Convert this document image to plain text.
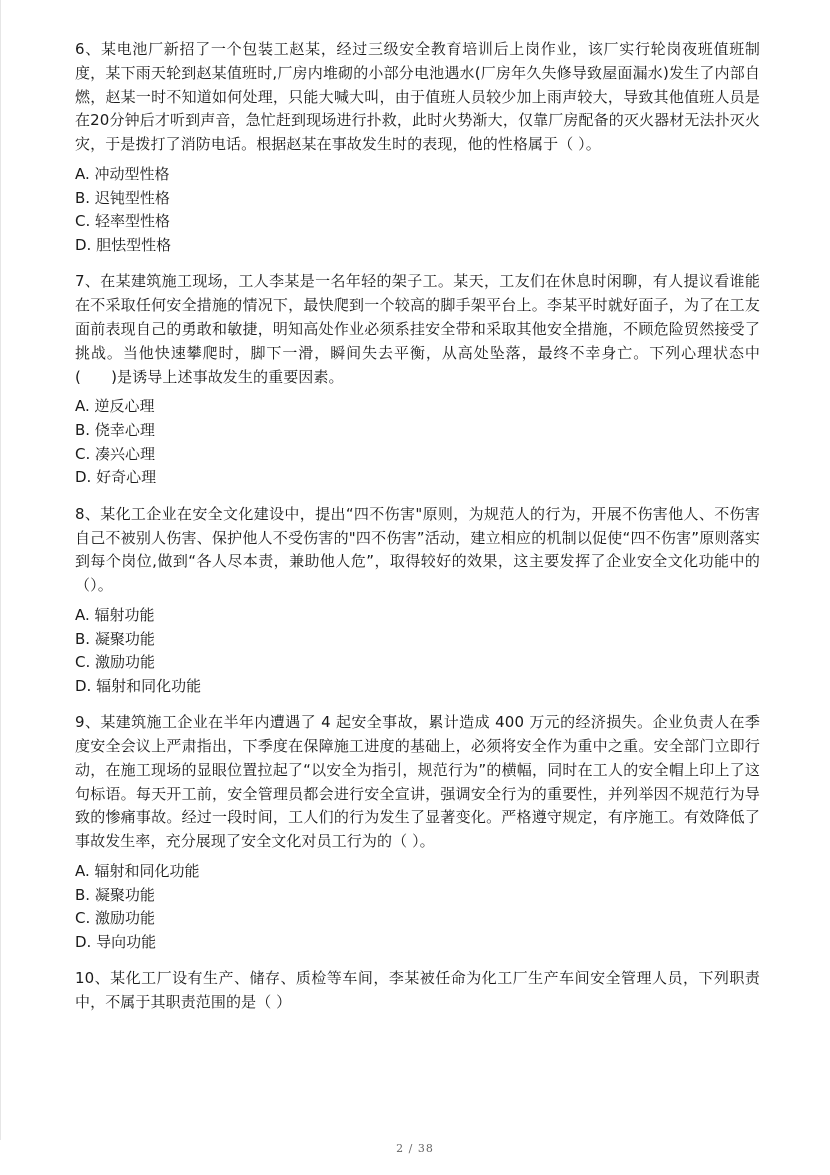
6、某电池厂新招了一个包装工赵某，经过三级安全教育培训后上岗作业，该厂实行轮岗夜班值班制度，某下雨天轮到赵某值班时,厂房内堆砌的小部分电池遇水(厂房年久失修导致屋面漏水)发生了内部自燃，赵某一时不知道如何处理，只能大喊大叫，由于值班人员较少加上雨声较大，导致其他值班人员是在20分钟后才听到声音，急忙赶到现场进行扑救，此时火势渐大，仅靠厂房配备的灭火器材无法扑灭火灾，于是拨打了消防电话。根据赵某在事故发生时的表现，他的性格属于（ ）。

A. 冲动型性格

B. 迟钝型性格

C. 轻率型性格

D. 胆怯型性格

7、在某建筑施工现场，工人李某是一名年轻的架子工。某天，工友们在休息时闲聊，有人提议看谁能在不采取任何安全措施的情况下，最快爬到一个较高的脚手架平台上。李某平时就好面子，为了在工友面前表现自己的勇敢和敏捷，明知高处作业必须系挂安全带和采取其他安全措施，不顾危险贸然接受了挑战。当他快速攀爬时，脚下一滑，瞬间失去平衡，从高处坠落，最终不幸身亡。下列心理状态中(　　)是诱导上述事故发生的重要因素。

A. 逆反心理

B. 侥幸心理

C. 凑兴心理

D. 好奇心理

8、某化工企业在安全文化建设中，提出“四不伤害"原则，为规范人的行为，开展不伤害他人、不伤害自己不被别人伤害、保护他人不受伤害的"四不伤害”活动，建立相应的机制以促使“四不伤害”原则落实到每个岗位,做到“各人尽本责，兼助他人危”，取得较好的效果，这主要发挥了企业安全文化功能中的（）。

A. 辐射功能

B. 凝聚功能

C. 激励功能

D. 辐射和同化功能

9、某建筑施工企业在半年内遭遇了 4 起安全事故，累计造成 400 万元的经济损失。企业负责人在季度安全会议上严肃指出，下季度在保障施工进度的基础上，必须将安全作为重中之重。安全部门立即行动，在施工现场的显眼位置拉起了“以安全为指引，规范行为”的横幅，同时在工人的安全帽上印上了这句标语。每天开工前，安全管理员都会进行安全宣讲，强调安全行为的重要性，并列举因不规范行为导致的惨痛事故。经过一段时间，工人们的行为发生了显著变化。严格遵守规定，有序施工。有效降低了事故发生率，充分展现了安全文化对员工行为的（ ）。

A. 辐射和同化功能

B. 凝聚功能

C. 激励功能

D. 导向功能

10、某化工厂设有生产、储存、质检等车间，李某被任命为化工厂生产车间安全管理人员，下列职责中，不属于其职责范围的是（ ）

2 / 38
